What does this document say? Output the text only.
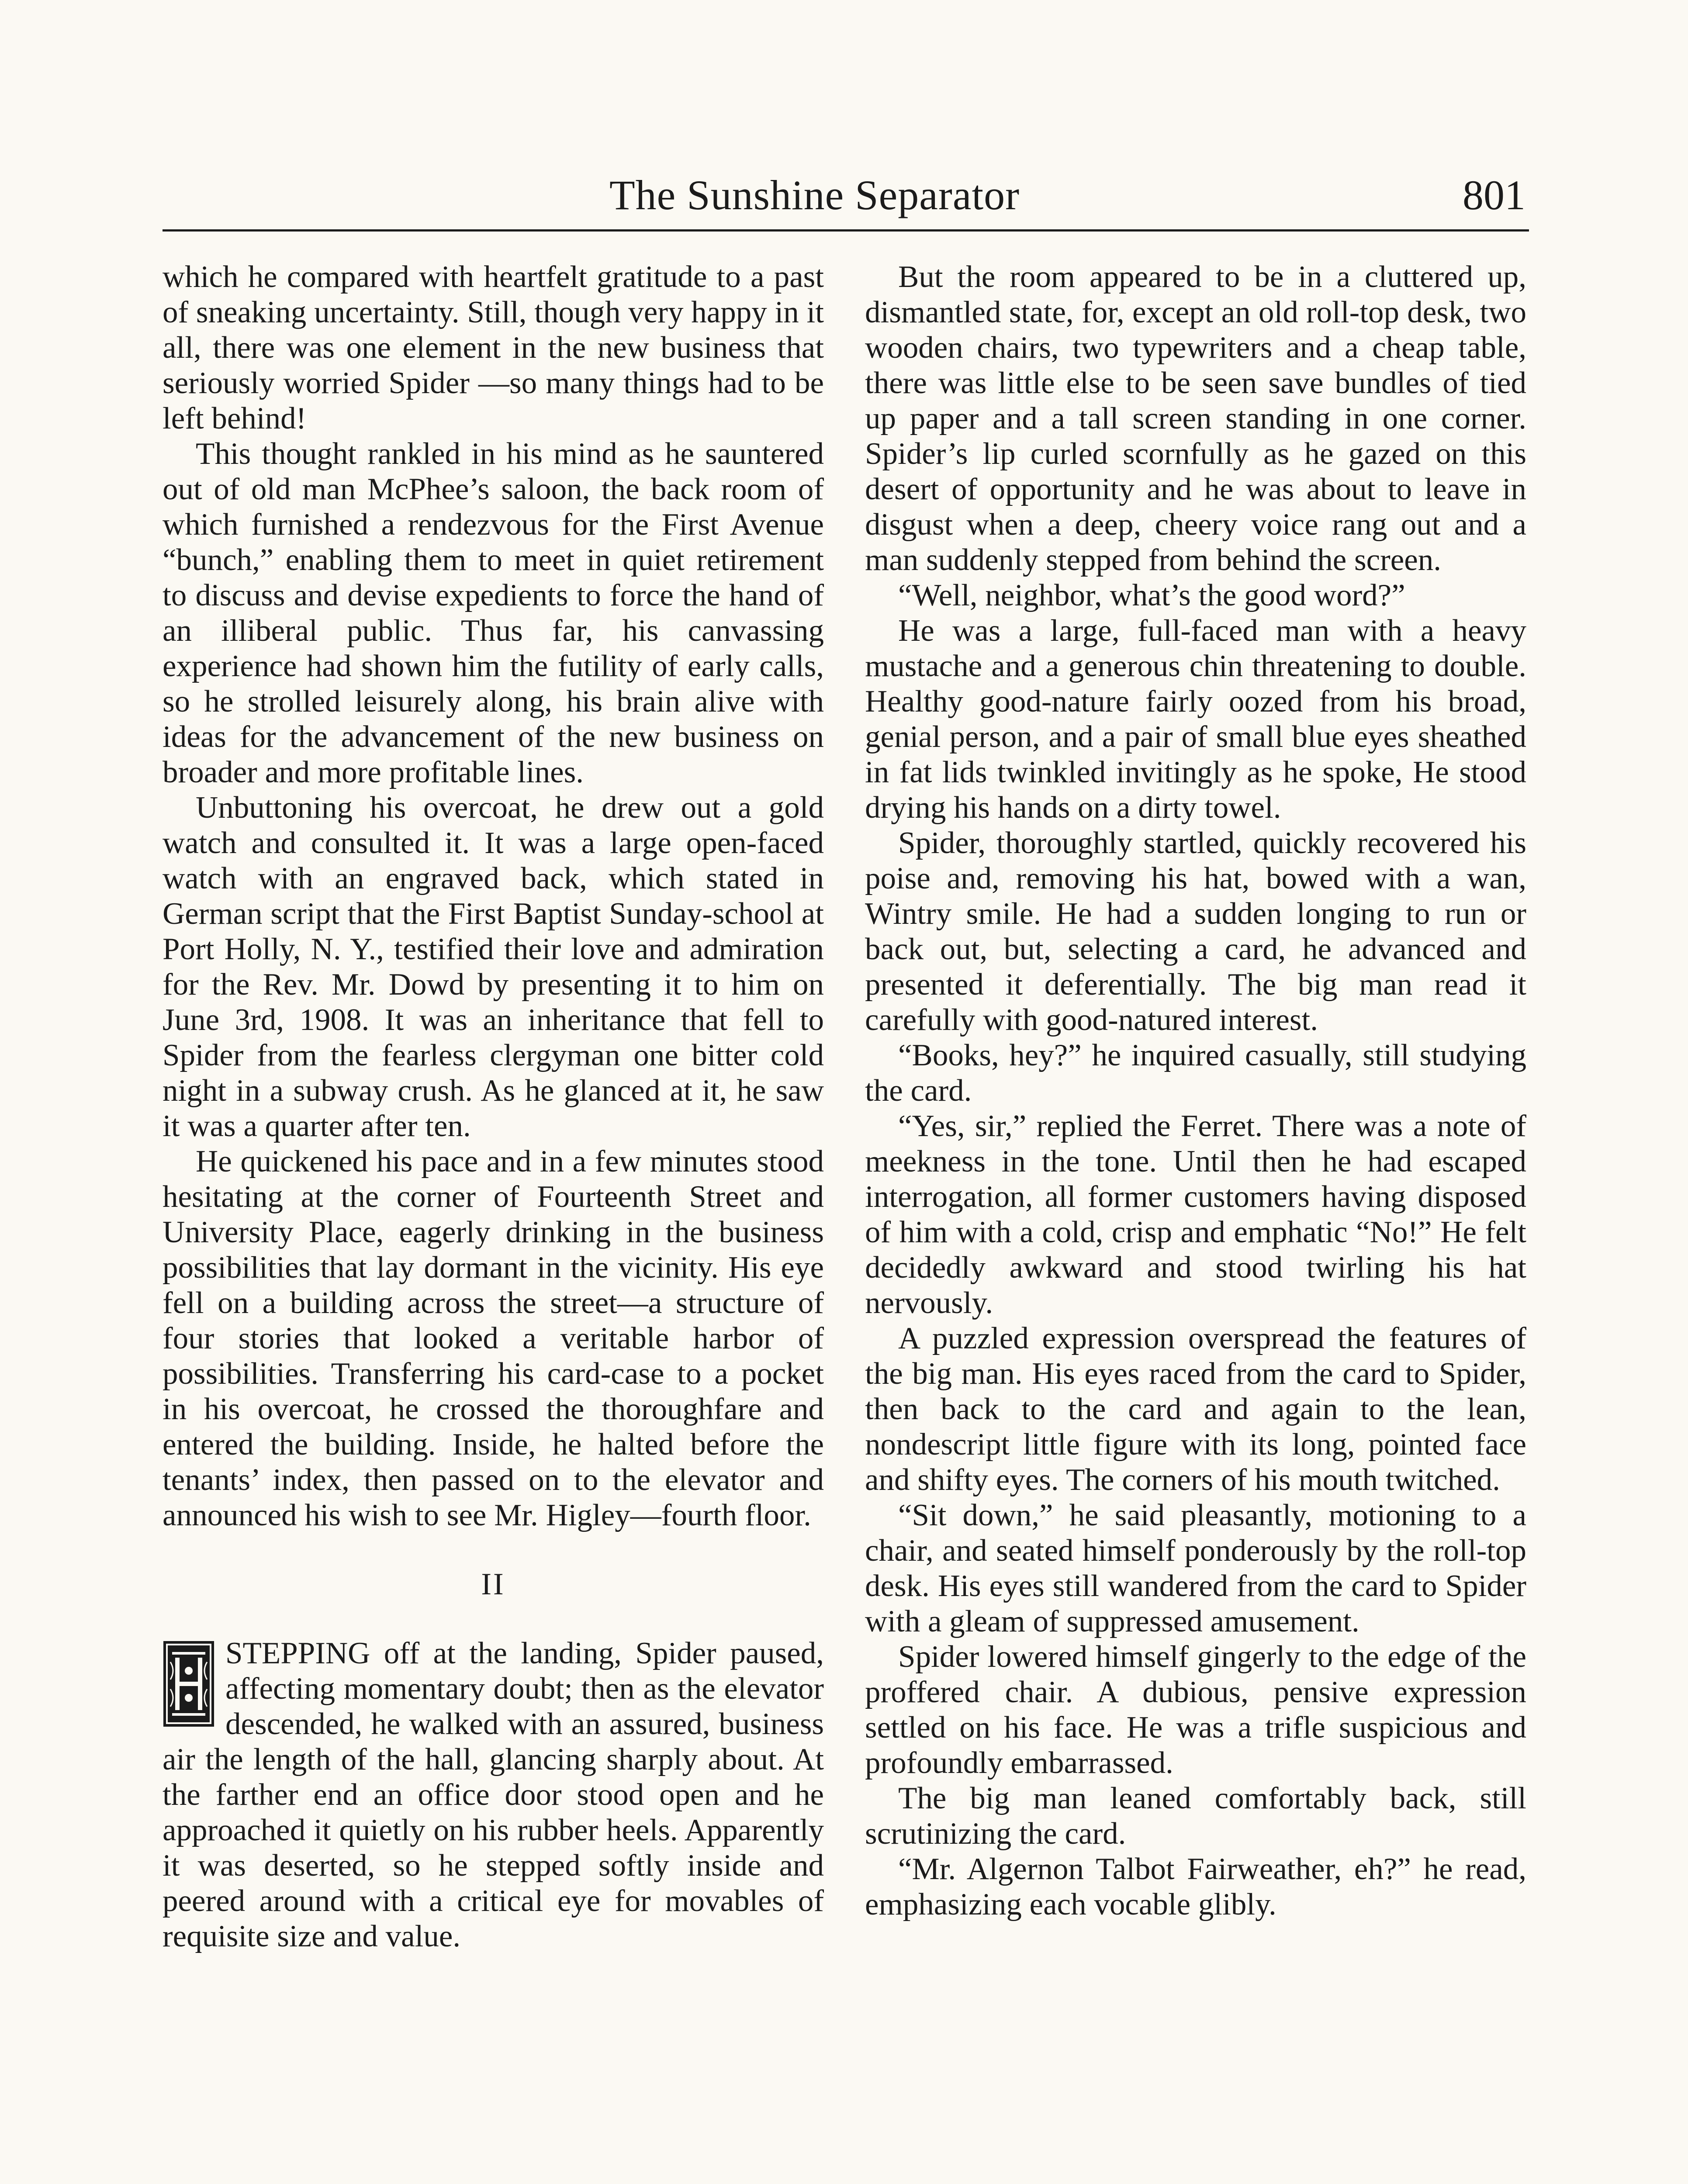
The Sunshine Separator	801

which he compared with heartfelt gratitude to a past of sneaking uncertainty. Still, though very happy in it all, there was one element in the new business that seriously worried Spider —so many things had to be left behind!

This thought rankled in his mind as he sauntered out of old man McPhee’s saloon, the back room of which furnished a rendezvous for the First Avenue “bunch,” enabling them to meet in quiet retirement to discuss and devise expedients to force the hand of an illiberal public. Thus far, his canvassing experience had shown him the futility of early calls, so he strolled leisurely along, his brain alive with ideas for the advancement of the new business on broader and more profitable lines.

Unbuttoning his overcoat, he drew out a gold watch and consulted it. It was a large open-faced watch with an engraved back, which stated in German script that the First Baptist Sunday-school at Port Holly, N. Y., testified their love and admiration for the Rev. Mr. Dowd by presenting it to him on June 3rd, 1908. It was an inheritance that fell to Spider from the fearless clergyman one bitter cold night in a subway crush. As he glanced at it, he saw it was a quarter after ten.

He quickened his pace and in a few minutes stood hesitating at the corner of Fourteenth Street and University Place, eagerly drinking in the business possibilities that lay dormant in the vicinity. His eye fell on a building across the street—a structure of four stories that looked a veritable harbor of possibilities. Transferring his card-case to a pocket in his overcoat, he crossed the thoroughfare and entered the building. Inside, he halted before the tenants’ index, then passed on to the elevator and announced his wish to see Mr. Higley—fourth floor.

II

STEPPING off at the landing, Spider paused, affecting momentary doubt; then as the elevator descended, he walked with an assured, business air the length of the hall, glancing sharply about. At the farther end an office door stood open and he approached it quietly on his rubber heels. Apparently it was deserted, so he stepped softly inside and peered around with a critical eye for movables of requisite size and value.

But the room appeared to be in a cluttered up, dismantled state, for, except an old roll-top desk, two wooden chairs, two typewriters and a cheap table, there was little else to be seen save bundles of tied up paper and a tall screen standing in one corner. Spider’s lip curled scornfully as he gazed on this desert of opportunity and he was about to leave in disgust when a deep, cheery voice rang out and a man suddenly stepped from behind the screen.

“Well, neighbor, what’s the good word?”

He was a large, full-faced man with a heavy mustache and a generous chin threatening to double. Healthy good-nature fairly oozed from his broad, genial person, and a pair of small blue eyes sheathed in fat lids twinkled invitingly as he spoke, He stood drying his hands on a dirty towel.

Spider, thoroughly startled, quickly recovered his poise and, removing his hat, bowed with a wan, Wintry smile. He had a sudden longing to run or back out, but, selecting a card, he advanced and presented it deferentially. The big man read it carefully with good-natured interest.

“Books, hey?” he inquired casually, still studying the card.

“Yes, sir,” replied the Ferret. There was a note of meekness in the tone. Until then he had escaped interrogation, all former customers having disposed of him with a cold, crisp and emphatic “No!” He felt decidedly awkward and stood twirling his hat nervously.

A puzzled expression overspread the features of the big man. His eyes raced from the card to Spider, then back to the card and again to the lean, nondescript little figure with its long, pointed face and shifty eyes. The corners of his mouth twitched.

“Sit down,” he said pleasantly, motioning to a chair, and seated himself ponderously by the roll-top desk. His eyes still wandered from the card to Spider with a gleam of suppressed amusement.

Spider lowered himself gingerly to the edge of the proffered chair. A dubious, pensive expression settled on his face. He was a trifle suspicious and profoundly embarrassed.

The big man leaned comfortably back, still scrutinizing the card.

“Mr. Algernon Talbot Fairweather, eh?” he read, emphasizing each vocable glibly.
